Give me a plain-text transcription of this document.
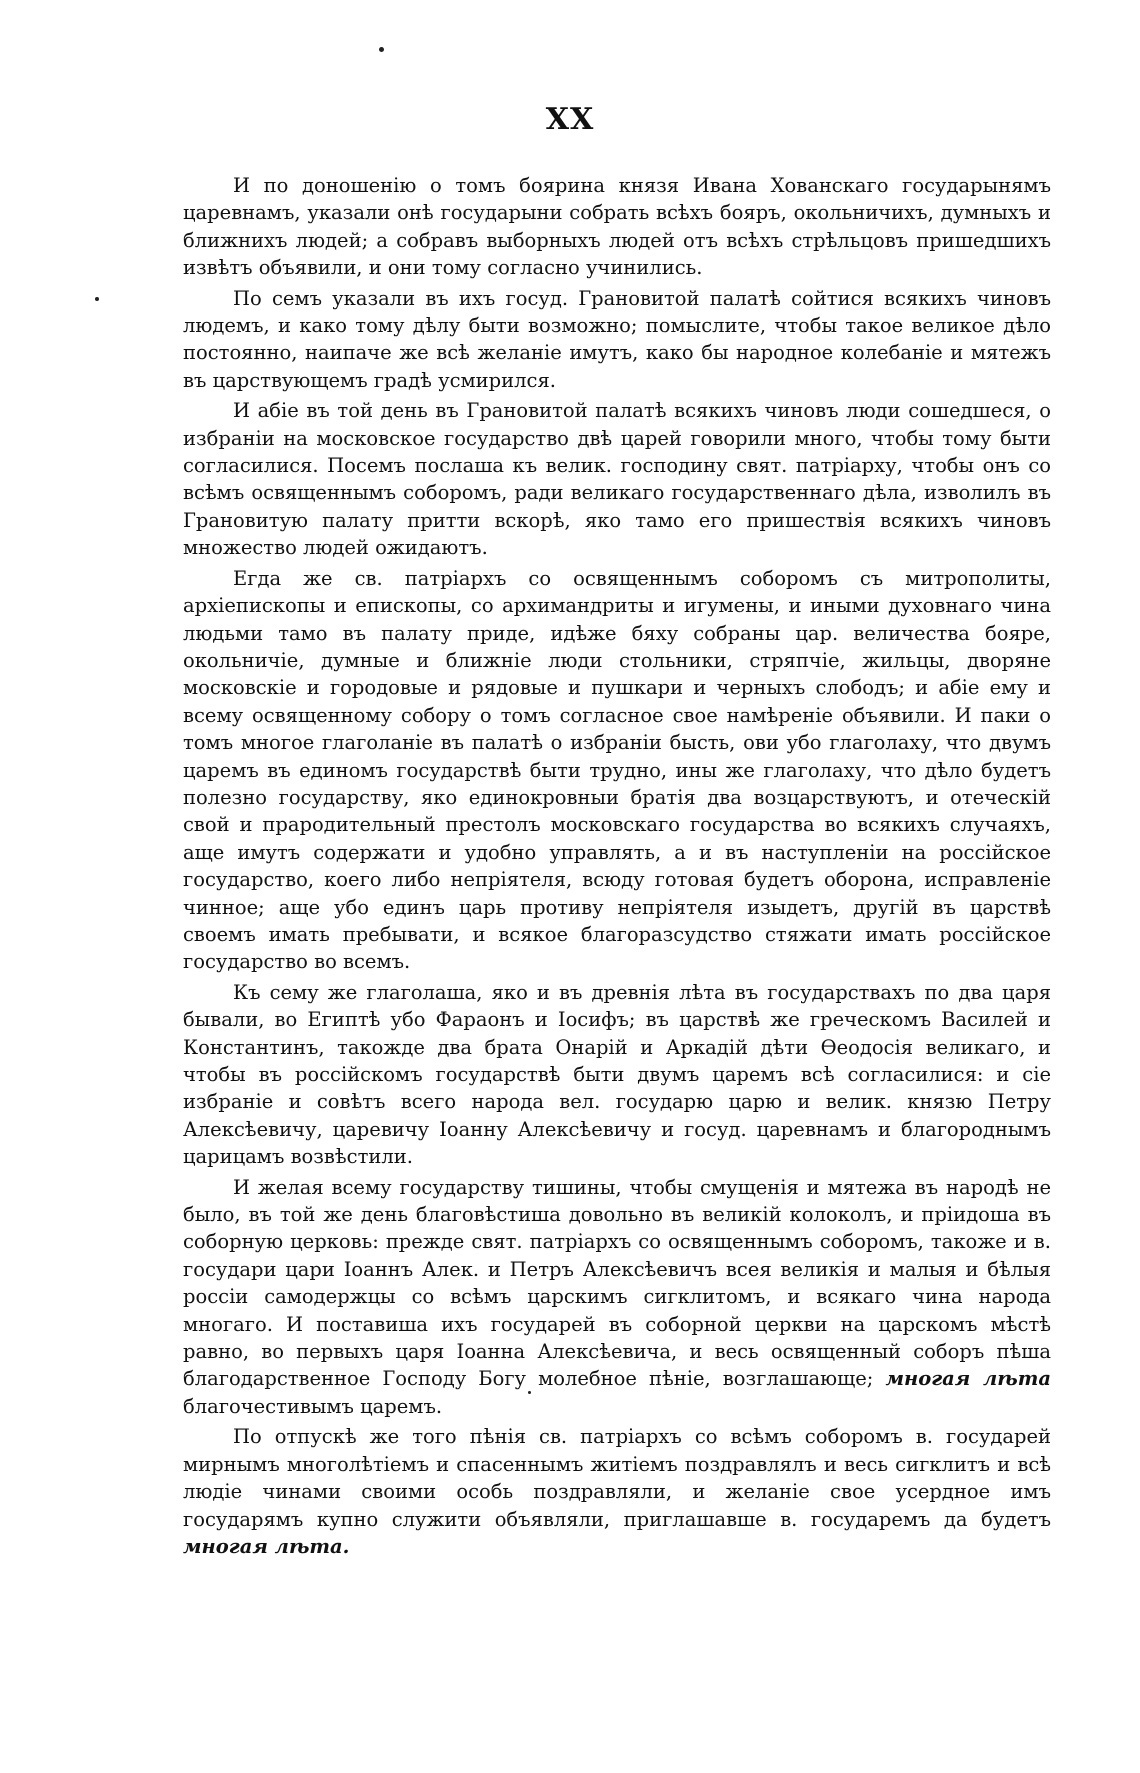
XX

И по доношенію о томъ боярина князя Ивана Хованскаго государынямъ царевнамъ, указали онѣ государыни собрать всѣхъ бояръ, окольничихъ, думныхъ и ближнихъ людей; а собравъ выборныхъ людей отъ всѣхъ стрѣльцовъ пришедшихъ извѣтъ объявили, и они тому согласно учинились.

По семъ указали въ ихъ госуд. Грановитой палатѣ сойтися всякихъ чиновъ людемъ, и како тому дѣлу быти возможно; помыслите, чтобы такое великое дѣло постоянно, наипаче же всѣ желаніе имутъ, како бы народное колебаніе и мятежъ въ царствующемъ градѣ усмирился.

И абіе въ той день въ Грановитой палатѣ всякихъ чиновъ люди сошедшеся, о избраніи на московское государство двѣ царей говорили много, чтобы тому быти согласилися. Посемъ послаша къ велик. господину свят. патріарху, чтобы онъ со всѣмъ освященнымъ соборомъ, ради великаго государственнаго дѣла, изволилъ въ Грановитую палату притти вскорѣ, яко тамо его пришествія всякихъ чиновъ множество людей ожидаютъ.

Егда же св. патріархъ со освященнымъ соборомъ съ митрополиты, архіепископы и епископы, со архимандриты и игумены, и иными духовнаго чина людьми тамо въ палату приде, идѣже бяху собраны цар. величества бояре, окольничіе, думные и ближніе люди стольники, стряпчіе, жильцы, дворяне московскіе и городовые и рядовые и пушкари и черныхъ слободъ; и абіе ему и всему освященному собору о томъ согласное свое намѣреніе объявили. И паки о томъ многое глаголаніе въ палатѣ о избраніи бысть, ови убо глаголаху, что двумъ царемъ въ единомъ государствѣ быти трудно, ины же глаголаху, что дѣло будетъ полезно государству, яко единокровныи братія два возцарствуютъ, и отеческій свой и прародительный престолъ московскаго государства во всякихъ случаяхъ, аще имутъ содержати и удобно управлять, а и въ наступленіи на россійское государство, коего либо непріятеля, всюду готовая будетъ оборона, исправленіе чинное; аще убо единъ царь противу непріятеля изыдетъ, другій въ царствѣ своемъ имать пребывати, и всякое благоразсудство стяжати имать россійское государство во всемъ.

Къ сему же глаголаша, яко и въ древнія лѣта въ государствахъ по два царя бывали, во Египтѣ убо Фараонъ и Іосифъ; въ царствѣ же греческомъ Василей и Константинъ, такожде два брата Онарій и Аркадій дѣти Өеодосія великаго, и чтобы въ россійскомъ государствѣ быти двумъ царемъ всѣ согласилися: и сіе избраніе и совѣтъ всего народа вел. государю царю и велик. князю Петру Алексѣевичу, царевичу Іоанну Алексѣевичу и госуд. царевнамъ и благороднымъ царицамъ возвѣстили.

И желая всему государству тишины, чтобы смущенія и мятежа въ народѣ не было, въ той же день благовѣстиша довольно въ великій колоколъ, и пріидоша въ соборную церковь: прежде свят. патріархъ со освященнымъ соборомъ, такоже и в. государи цари Іоаннъ Алек. и Петръ Алексѣевичъ всея великія и малыя и бѣлыя россіи самодержцы со всѣмъ царскимъ сигклитомъ, и всякаго чина народа многаго. И поставиша ихъ государей въ соборной церкви на царскомъ мѣстѣ равно, во первыхъ царя Іоанна Алексѣевича, и весь освященный соборъ пѣша благодарственное Господу Богу молебное пѣніе, возглашающе; многая лѣта благочестивымъ царемъ.

По отпускѣ же того пѣнія св. патріархъ со всѣмъ соборомъ в. государей мирнымъ многолѣтіемъ и спасеннымъ житіемъ поздравлялъ и весь сигклитъ и всѣ людіе чинами своими особь поздравляли, и желаніе свое усердное имъ государямъ купно служити объявляли, приглашавше в. государемъ да будетъ многая лѣта.
